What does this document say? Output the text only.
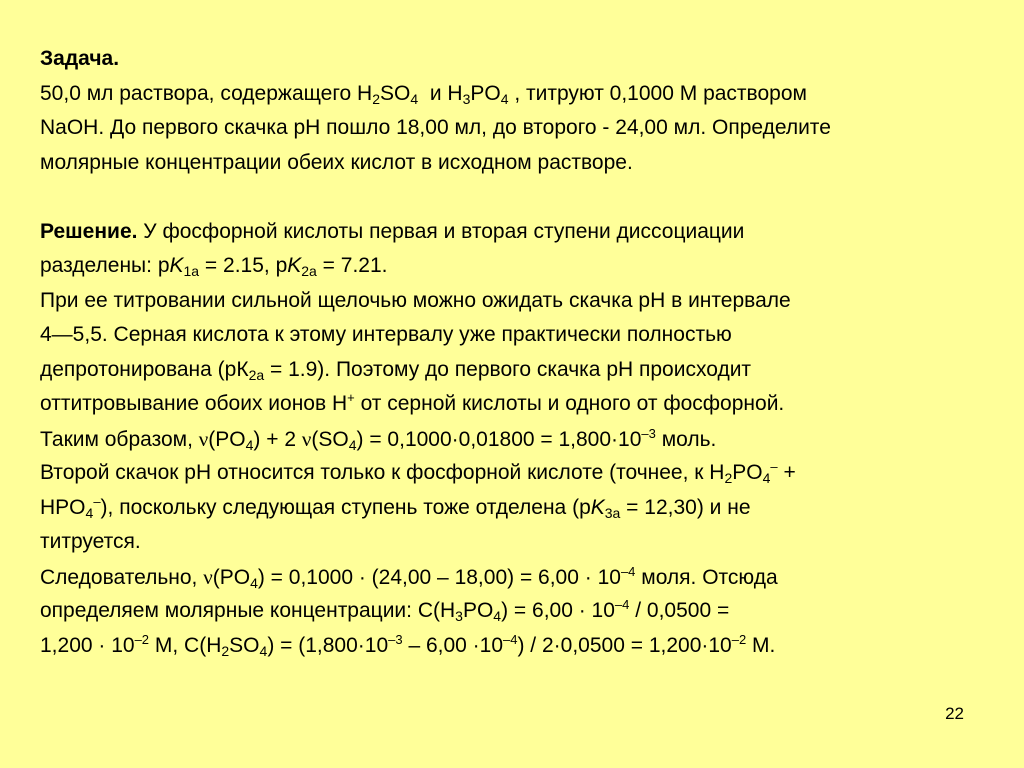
Задача.
50,0 мл раствора, содержащего $H_2SO_4$  и $H_3PO_4$ , титруют 0,1000 М раствором
NaOH. До первого скачка рН пошло 18,00 мл, до второго - 24,00 мл. Определите
молярные концентрации обеих кислот в исходном растворе.
Решение. У фосфорной кислоты первая и вторая ступени диссоциации
разделены: $рK_{1а} = 2.15$, $рK_{2а} = 7.21$.
При ее титровании сильной щелочью можно ожидать скачка рН в интервале
4—5,5. Серная кислота к этому интервалу уже практически полностью
депротонирована $(рК_{2a} = 1.9)$. Поэтому до первого скачка рН происходит
оттитровывание обоих ионов Н+ от серной кислоты и одного от фосфорной.
Таким образом, $\nu(PO_4) + 2$ $\nu(SO_4) = 0,1000\cdot 0,01800 = 1,800\cdot 10^{-3}$ моль.
Второй скачок рН относится только к фосфорной кислоте (точнее, к $H_2PO_4^-$ +
$HPO_4^-$), поскольку следующая ступень тоже отделена $(рK_{3а} = 12,30)$ и не
титруется.
Следовательно, $\nu(PO_4) = 0,1000 \cdot (24,00 - 18,00) = 6,00 \cdot 10^{-4}$ моля. Отсюда
определяем молярные концентрации: $C(H_3PO_4) = 6,00 \cdot 10^{-4} / 0,0500$ =
$1,200 \cdot 10^{-2}$ М, $C(H_2SO_4) = (1,800\cdot 10^{-3} - 6,00 \cdot 10^{-4}) / 2\cdot 0,0500 = 1,200\cdot 10^{-2}$ М.
22
